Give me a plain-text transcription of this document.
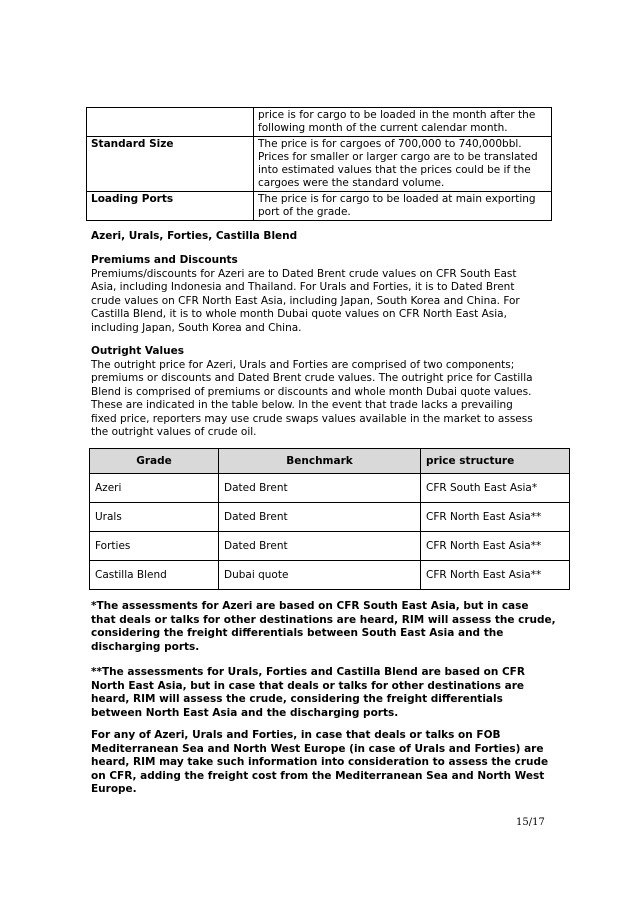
	price is for cargo to be loaded in the month after the
following month of the current calendar month.

Standard Size	The price is for cargoes of 700,000 to 740,000bbl.
Prices for smaller or larger cargo are to be translated
into estimated values that the prices could be if the
cargoes were the standard volume.

Loading Ports	The price is for cargo to be loaded at main exporting
port of the grade.
Azeri, Urals, Forties, Castilla Blend
Premiums and Discounts
Premiums/discounts for Azeri are to Dated Brent crude values on CFR South East
Asia, including Indonesia and Thailand. For Urals and Forties, it is to Dated Brent
crude values on CFR North East Asia, including Japan, South Korea and China. For
Castilla Blend, it is to whole month Dubai quote values on CFR North East Asia,
including Japan, South Korea and China.
Outright Values
The outright price for Azeri, Urals and Forties are comprised of two components;
premiums or discounts and Dated Brent crude values. The outright price for Castilla
Blend is comprised of premiums or discounts and whole month Dubai quote values.
These are indicated in the table below. In the event that trade lacks a prevailing
fixed price, reporters may use crude swaps values available in the market to assess
the outright values of crude oil.
Grade	Benchmark	price structure
Azeri	Dated Brent	CFR South East Asia*
Urals	Dated Brent	CFR North East Asia**
Forties	Dated Brent	CFR North East Asia**
Castilla Blend	Dubai quote	CFR North East Asia**
*The assessments for Azeri are based on CFR South East Asia, but in case
that deals or talks for other destinations are heard, RIM will assess the crude,
considering the freight differentials between South East Asia and the
discharging ports.
**The assessments for Urals, Forties and Castilla Blend are based on CFR
North East Asia, but in case that deals or talks for other destinations are
heard, RIM will assess the crude, considering the freight differentials
between North East Asia and the discharging ports.
For any of Azeri, Urals and Forties, in case that deals or talks on FOB
Mediterranean Sea and North West Europe (in case of Urals and Forties) are
heard, RIM may take such information into consideration to assess the crude
on CFR, adding the freight cost from the Mediterranean Sea and North West
Europe.
15/17
